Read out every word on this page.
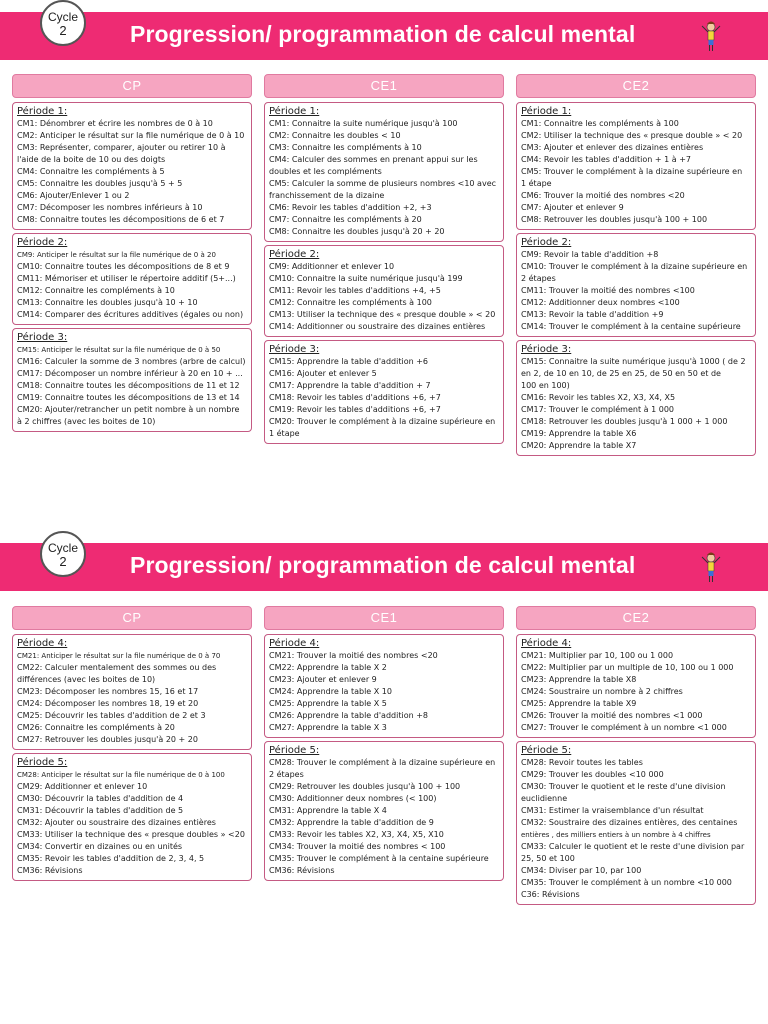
Cycle
2	Progression/ programmation de calcul mental
CP
Période 1:
CM1: Dénombrer et écrire les nombres de 0 à 10
CM2: Anticiper le résultat sur la file numérique de 0 à 10
CM3: Représenter, comparer, ajouter ou retirer 10 à
l'aide de la boite de 10 ou des doigts
CM4: Connaitre les compléments à 5
CM5: Connaitre les doubles jusqu'à 5 + 5
CM6: Ajouter/Enlever 1 ou 2
CM7: Décomposer les nombres inférieurs à 10
CM8: Connaitre toutes les décompositions de 6 et 7
Période 2:
CM9: Anticiper le résultat sur la file numérique de 0 à 20
CM10: Connaitre toutes les décompositions de 8 et 9
CM11: Mémoriser et utiliser le répertoire additif (5+...)
CM12: Connaitre les compléments à 10
CM13: Connaitre les doubles jusqu'à 10 + 10
CM14: Comparer des écritures additives (égales ou non)
Période 3:
CM15: Anticiper le résultat sur la file numérique de 0 à 50
CM16: Calculer la somme de 3 nombres (arbre de calcul)
CM17: Décomposer un nombre inférieur à 20 en 10 + ...
CM18: Connaitre toutes les décompositions de 11 et 12
CM19: Connaitre toutes les décompositions de 13 et 14
CM20: Ajouter/retrancher un petit nombre à un nombre
à 2 chiffres (avec les boites de 10)
CE1
Période 1:
CM1: Connaitre la suite numérique jusqu'à 100
CM2: Connaitre les doubles < 10
CM3: Connaitre les compléments à 10
CM4: Calculer des sommes en prenant appui sur les
doubles et les compléments
CM5: Calculer la somme de plusieurs nombres <10 avec
franchissement de la dizaine
CM6: Revoir les tables d'addition +2, +3
CM7: Connaitre les compléments à 20
CM8: Connaitre les doubles jusqu'à 20 + 20
Période 2:
CM9: Additionner et enlever 10
CM10: Connaitre la suite numérique jusqu'à 199
CM11: Revoir les tables d'additions +4, +5
CM12: Connaitre les compléments à 100
CM13: Utiliser la technique des « presque double » < 20
CM14: Additionner ou soustraire des dizaines entières
Période 3:
CM15: Apprendre la table d'addition +6
CM16: Ajouter et enlever 5
CM17: Apprendre la table d'addition + 7
CM18: Revoir les tables d'additions +6, +7
CM19: Revoir les tables d'additions +6, +7
CM20: Trouver le complément à la dizaine supérieure en
1 étape
CE2
Période 1:
CM1: Connaitre les compléments à 100
CM2: Utiliser la technique des « presque double » < 20
CM3: Ajouter et enlever des dizaines entières
CM4: Revoir les tables d'addition + 1 à +7
CM5: Trouver le complément à la dizaine supérieure en
1 étape
CM6: Trouver la moitié des nombres <20
CM7: Ajouter et enlever 9
CM8: Retrouver les doubles jusqu'à 100 + 100
Période 2:
CM9: Revoir la table d'addition +8
CM10: Trouver le complément à la dizaine supérieure en
2 étapes
CM11: Trouver la moitié des nombres <100
CM12: Additionner deux nombres <100
CM13: Revoir la table d'addition +9
CM14: Trouver le complément à la centaine supérieure
Période 3:
CM15: Connaitre la suite numérique jusqu'à 1000 ( de 2
en 2, de 10 en 10, de 25 en 25, de 50 en 50 et de
100 en 100)
CM16: Revoir les tables X2, X3, X4, X5
CM17: Trouver le complément à 1 000
CM18: Retrouver les doubles jusqu'à 1 000 + 1 000
CM19: Apprendre la table X6
CM20: Apprendre la table X7
Cycle
2	Progression/ programmation de calcul mental
CP
Période 4:
CM21: Anticiper le résultat sur la file numérique de 0 à 70
CM22: Calculer mentalement des sommes ou des
différences (avec les boites de 10)
CM23: Décomposer les nombres 15, 16 et 17
CM24: Décomposer les nombres 18, 19 et 20
CM25: Découvrir les tables d'addition de 2 et 3
CM26: Connaitre les compléments à 20
CM27: Retrouver les doubles jusqu'à 20 + 20
Période 5:
CM28: Anticiper le résultat sur la file numérique de 0 à 100
CM29: Additionner et enlever 10
CM30: Découvrir la tables d'addition de 4
CM31: Découvrir la tables d'addition de 5
CM32: Ajouter ou soustraire des dizaines entières
CM33: Utiliser la technique des « presque doubles » <20
CM34: Convertir en dizaines ou en unités
CM35: Revoir les tables d'addition de 2, 3, 4, 5
CM36: Révisions
CE1
Période 4:
CM21: Trouver la moitié des nombres <20
CM22: Apprendre la table X 2
CM23: Ajouter et enlever 9
CM24: Apprendre la table X 10
CM25: Apprendre la table X 5
CM26: Apprendre la table d'addition +8
CM27: Apprendre la table X 3
Période 5:
CM28: Trouver le complément à la dizaine supérieure en
2 étapes
CM29: Retrouver les doubles jusqu'à 100 + 100
CM30: Additionner deux nombres (< 100)
CM31: Apprendre la table X 4
CM32: Apprendre la table d'addition de 9
CM33: Revoir les tables X2, X3, X4, X5, X10
CM34: Trouver la moitié des nombres < 100
CM35: Trouver le complément à la centaine supérieure
CM36: Révisions
CE2
Période 4:
CM21: Multiplier par 10, 100 ou 1 000
CM22: Multiplier par un multiple de 10, 100 ou 1 000
CM23: Apprendre la table X8
CM24: Soustraire un nombre à 2 chiffres
CM25: Apprendre la table X9
CM26: Trouver la moitié des nombres <1 000
CM27: Trouver le complément à un nombre <1 000
Période 5:
CM28: Revoir toutes les tables
CM29: Trouver les doubles <10 000
CM30: Trouver le quotient et le reste d'une division
euclidienne
CM31: Estimer la vraisemblance d'un résultat
CM32: Soustraire des dizaines entières, des centaines
entières , des milliers entiers à un nombre à 4 chiffres
CM33: Calculer le quotient et le reste d'une division par
25, 50 et 100
CM34: Diviser par 10, par 100
CM35: Trouver le complément à un nombre <10 000
C36: Révisions
